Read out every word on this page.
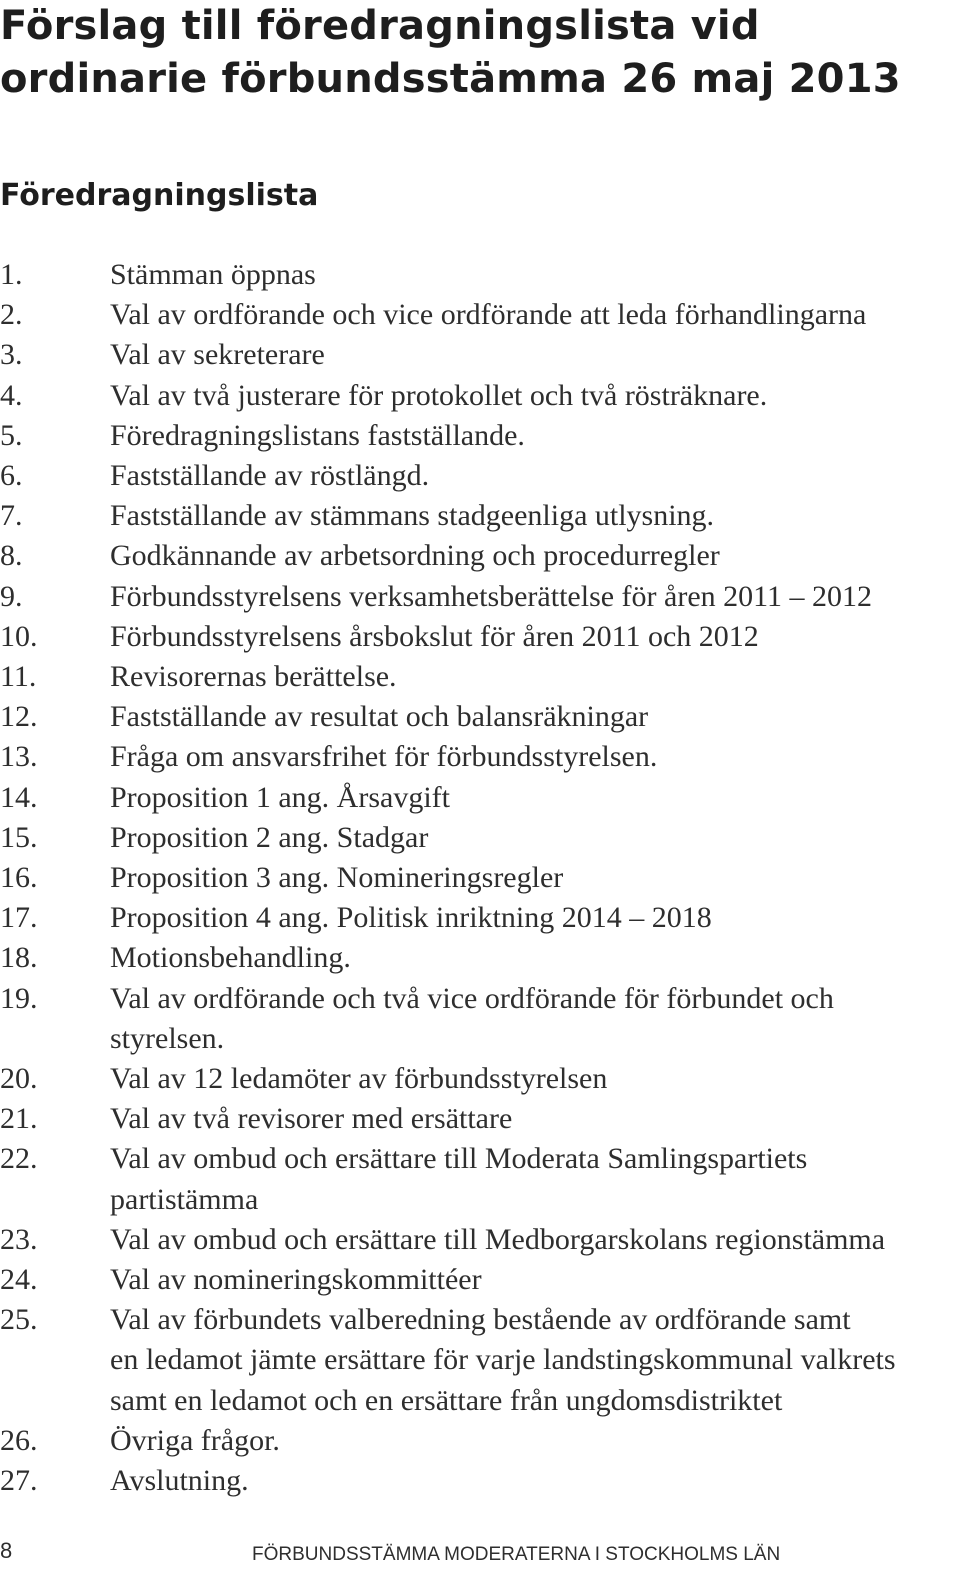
Förslag till föredragningslista vid ordinarie förbundsstämma 26 maj 2013
Föredragningslista
1.	Stämman öppnas
2.	Val av ordförande och vice ordförande att leda förhandlingarna
3.	Val av sekreterare
4.	Val av två justerare för protokollet och två rösträknare.
5.	Föredragningslistans fastställande.
6.	Fastställande av röstlängd.
7.	Fastställande av stämmans stadgeenliga utlysning.
8.	Godkännande av arbetsordning och procedurregler
9.	Förbundsstyrelsens verksamhetsberättelse för åren 2011 – 2012
10.	Förbundsstyrelsens årsbokslut för åren 2011 och 2012
11.	Revisorernas berättelse.
12.	Fastställande av resultat och balansräkningar
13.	Fråga om ansvarsfrihet för förbundsstyrelsen.
14.	Proposition 1 ang. Årsavgift
15.	Proposition 2 ang. Stadgar
16.	Proposition 3 ang. Nomineringsregler
17.	Proposition 4 ang. Politisk inriktning 2014 – 2018
18.	Motionsbehandling.
19.	Val av ordförande och två vice ordförande för förbundet och
styrelsen.
20.	Val av 12 ledamöter av förbundsstyrelsen
21.	Val av två revisorer med ersättare
22.	Val av ombud och ersättare till Moderata Samlingspartiets
partistämma
23.	Val av ombud och ersättare till Medborgarskolans regionstämma
24.	Val av nomineringskommittéer
25.	Val av förbundets valberedning bestående av ordförande samt
en ledamot jämte ersättare för varje landstingskommunal valkrets
samt en ledamot och en ersättare från ungdomsdistriktet
26.	Övriga frågor.
27.	Avslutning.
8	FÖRBUNDSSTÄMMA MODERATERNA I STOCKHOLMS LÄN
